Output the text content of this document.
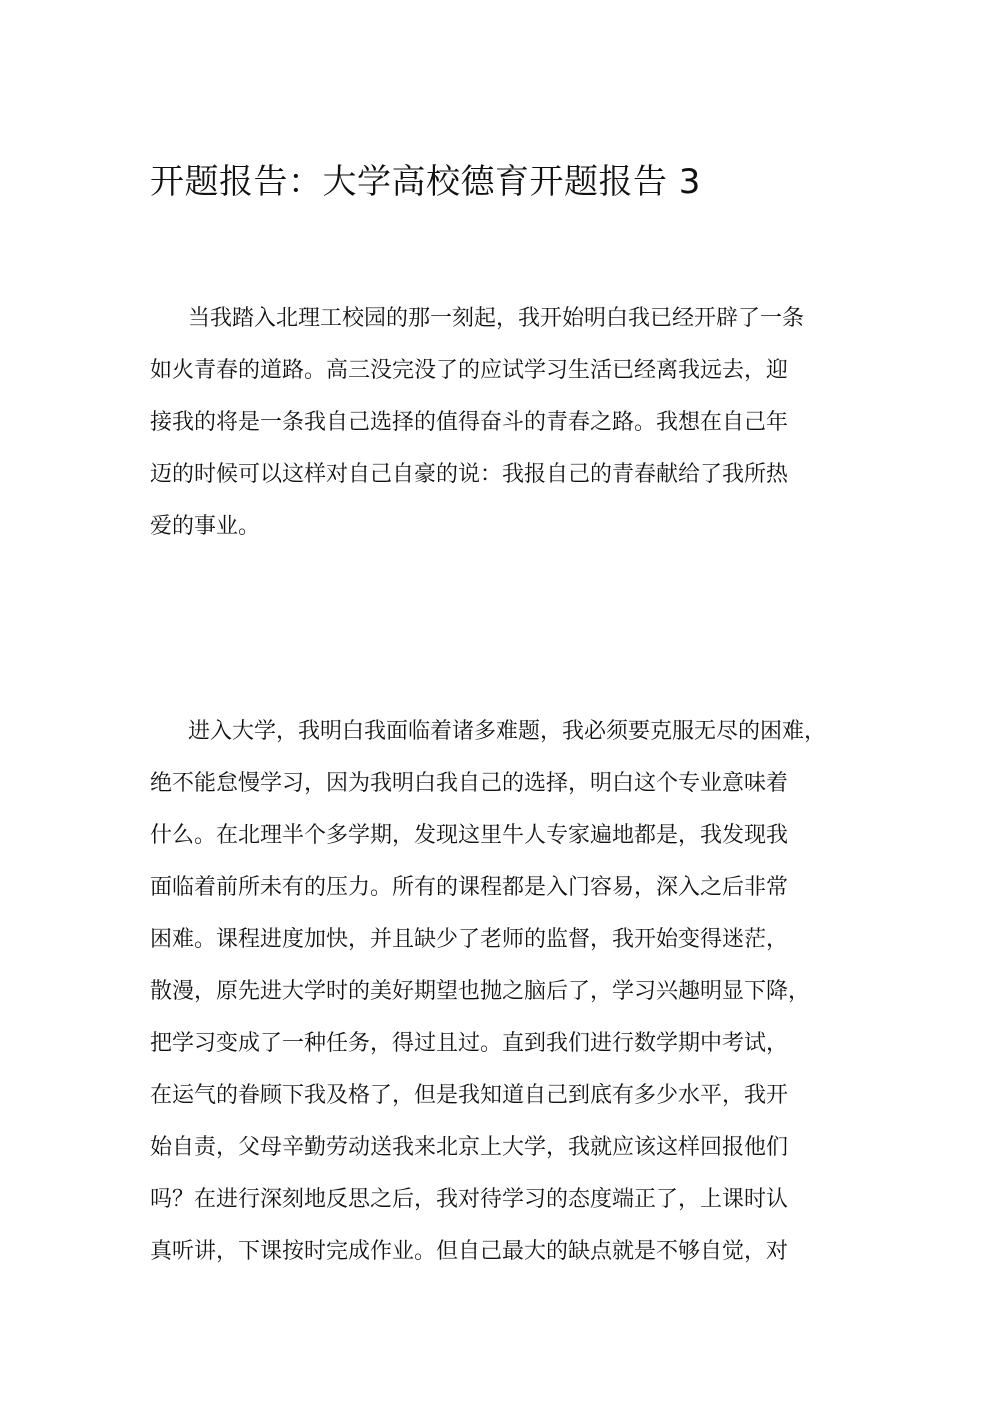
开题报告：大学高校德育开题报告 3
当我踏入北理工校园的那一刻起，我开始明白我已经开辟了一条
如火青春的道路。高三没完没了的应试学习生活已经离我远去，迎
接我的将是一条我自己选择的值得奋斗的青春之路。我想在自己年
迈的时候可以这样对自己自豪的说：我报自己的青春献给了我所热
爱的事业。
进入大学，我明白我面临着诸多难题，我必须要克服无尽的困难，
绝不能怠慢学习，因为我明白我自己的选择，明白这个专业意味着
什么。在北理半个多学期，发现这里牛人专家遍地都是，我发现我
面临着前所未有的压力。所有的课程都是入门容易，深入之后非常
困难。课程进度加快，并且缺少了老师的监督，我开始变得迷茫，
散漫，原先进大学时的美好期望也抛之脑后了，学习兴趣明显下降，
把学习变成了一种任务，得过且过。直到我们进行数学期中考试，
在运气的眷顾下我及格了，但是我知道自己到底有多少水平，我开
始自责，父母辛勤劳动送我来北京上大学，我就应该这样回报他们
吗？在进行深刻地反思之后，我对待学习的态度端正了，上课时认
真听讲，下课按时完成作业。但自己最大的缺点就是不够自觉，对
